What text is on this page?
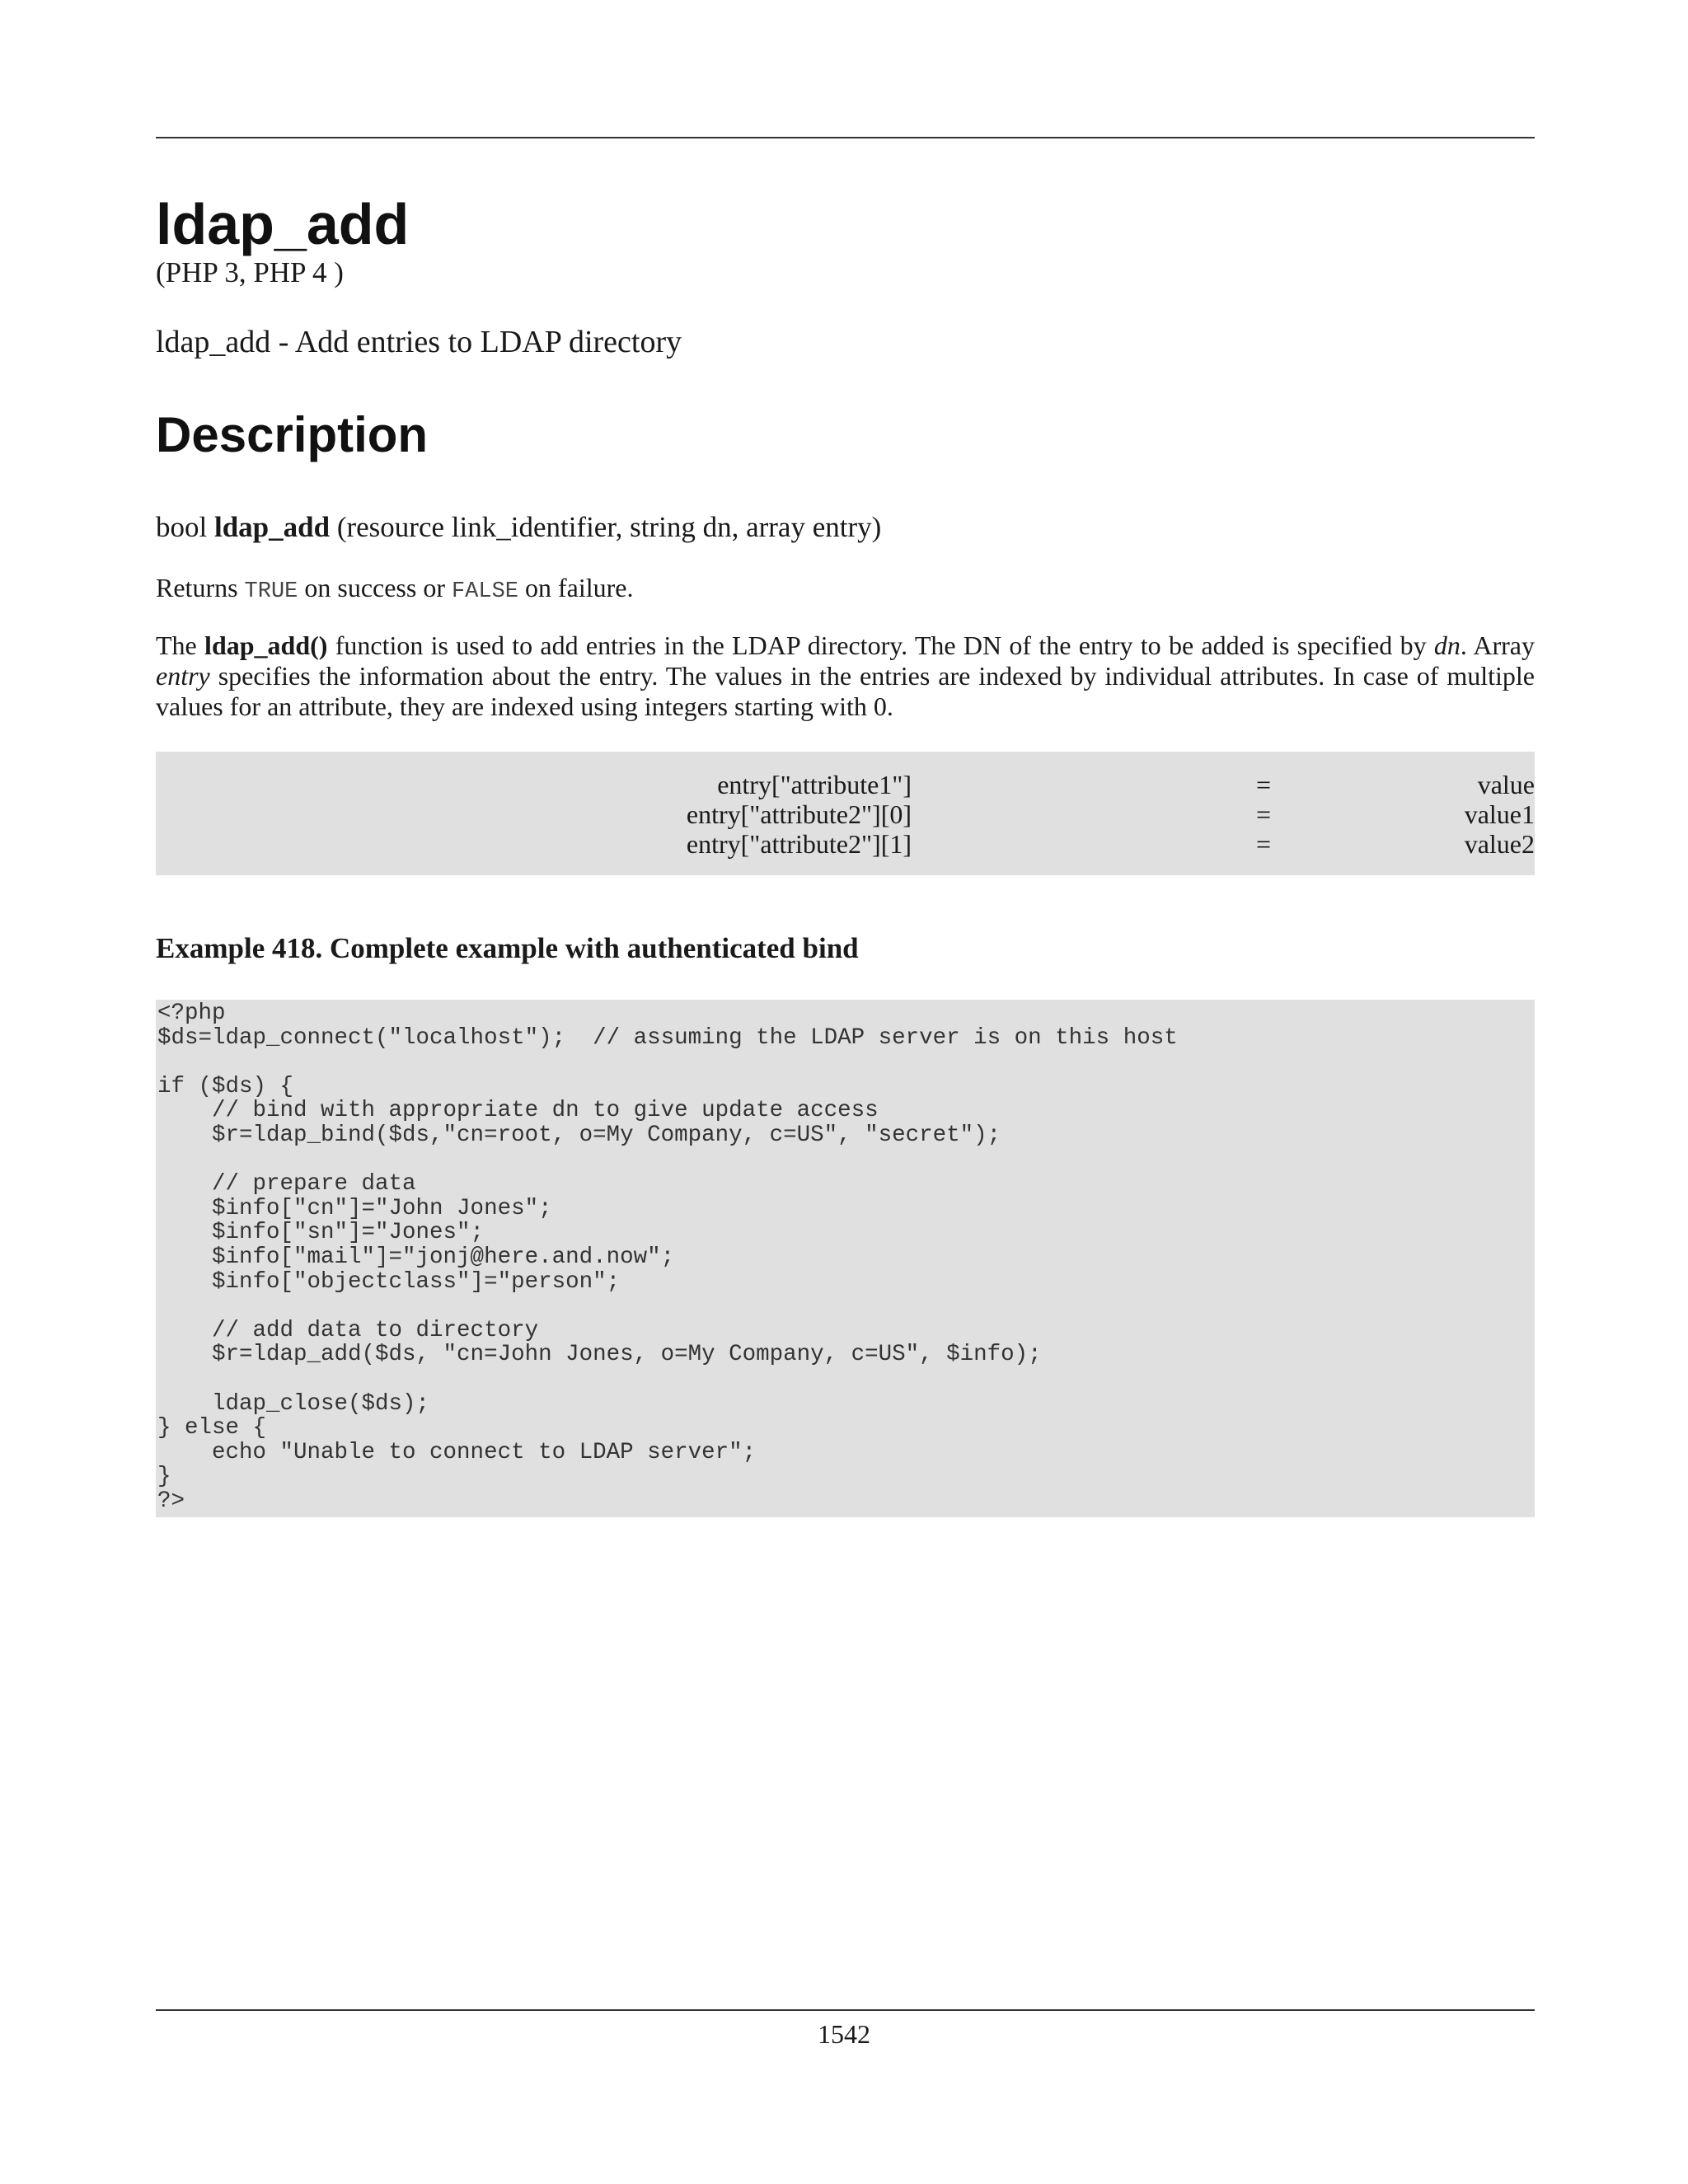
ldap_add
(PHP 3, PHP 4 )
ldap_add - Add entries to LDAP directory
Description
bool ldap_add (resource link_identifier, string dn, array entry)
Returns TRUE on success or FALSE on failure.
The ldap_add() function is used to add entries in the LDAP directory. The DN of the entry to be added is specified by dn. Array entry specifies the information about the entry. The values in the entries are indexed by individual attributes. In case of multiple values for an attribute, they are indexed using integers starting with 0.
entry["attribute1"]	=	value
entry["attribute2"][0]	=	value1
entry["attribute2"][1]	=	value2
Example 418. Complete example with authenticated bind
<?php
$ds=ldap_connect("localhost");  // assuming the LDAP server is on this host

if ($ds) {
// bind with appropriate dn to give update access
$r=ldap_bind($ds,"cn=root, o=My Company, c=US", "secret");

// prepare data
$info["cn"]="John Jones";
$info["sn"]="Jones";
$info["mail"]="jonj@here.and.now";
$info["objectclass"]="person";

// add data to directory
$r=ldap_add($ds, "cn=John Jones, o=My Company, c=US", $info);

ldap_close($ds);
} else {
echo "Unable to connect to LDAP server";
}
?>
1542
